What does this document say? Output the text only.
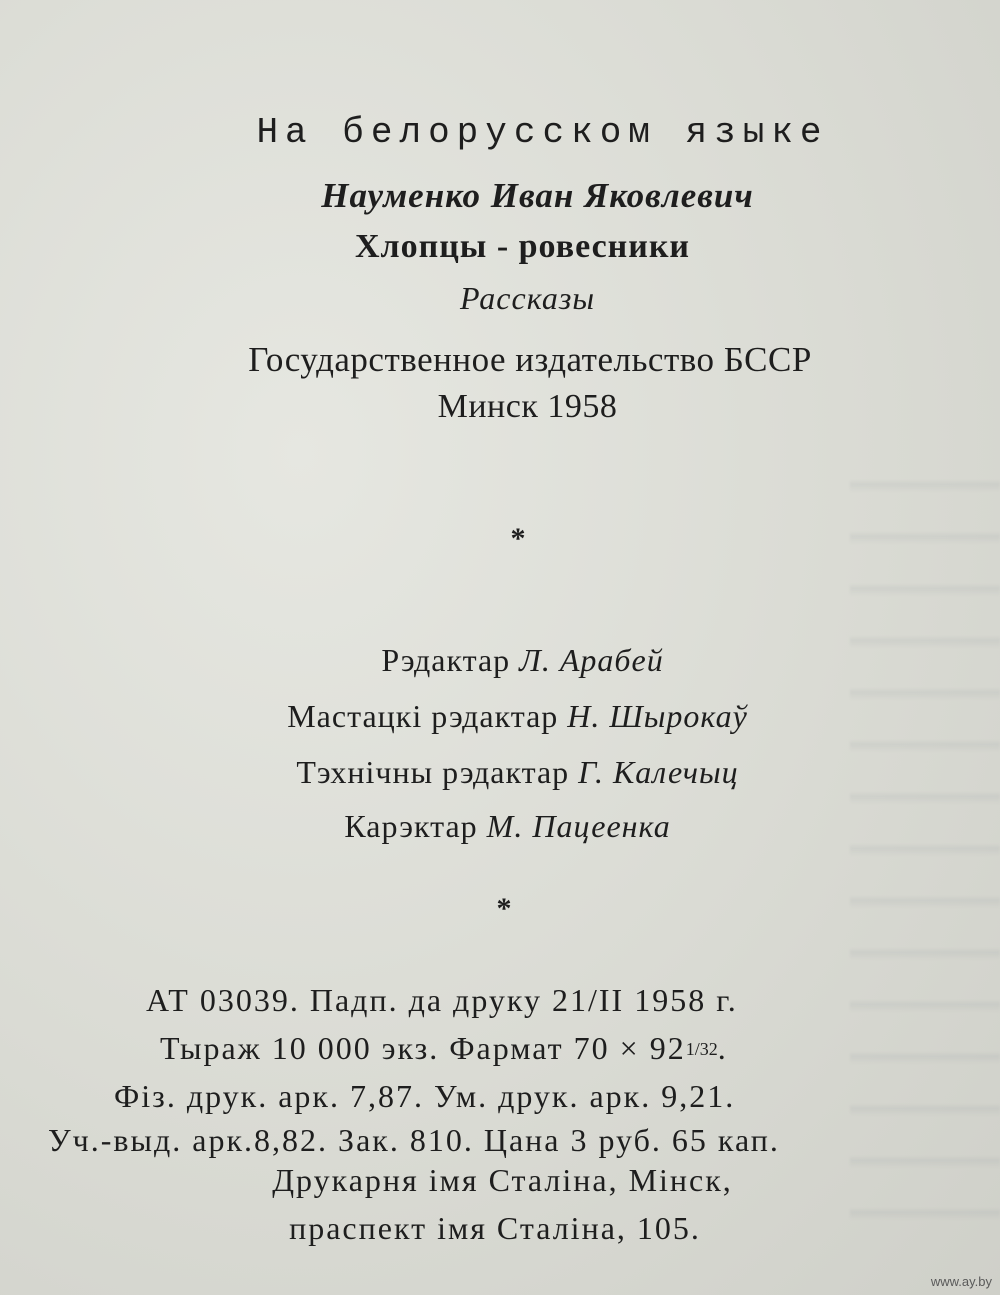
На белорусском языке
Науменко Иван Яковлевич
Хлопцы - ровесники
Рассказы
Государственное издательство БССР
Минск 1958
*
Рэдактар Л. Арабей
Мастацкі рэдактар Н. Шырокаў
Тэхнічны рэдактар Г. Калечыц
Карэктар М. Пацеенка
*
АТ 03039. Падп. да друку 21/II 1958 г.
Тыраж 10 000 экз. Фармат 70 × 921/32.
Фіз. друк. арк. 7,87. Ум. друк. арк. 9,21.
Уч.-выд. арк.8,82. Зак. 810. Цана 3 руб. 65 кап.
Друкарня імя Сталіна, Мінск,
праспект імя Сталіна, 105.
www.ay.by
